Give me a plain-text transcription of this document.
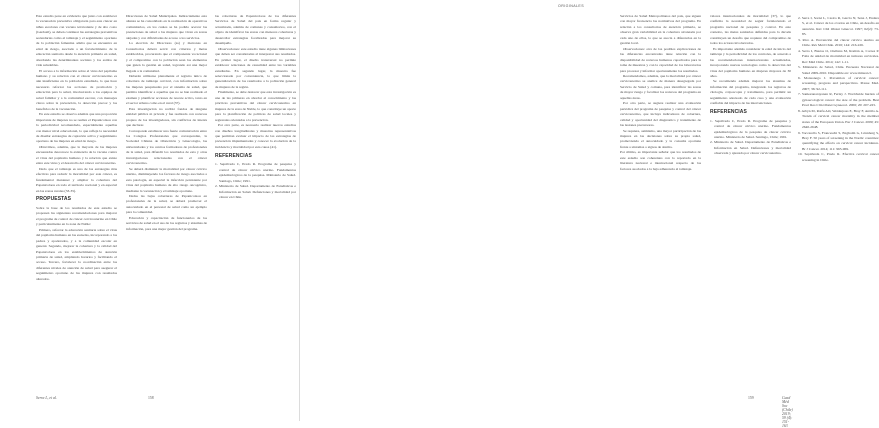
Este estudio pone en evidencia que junto con establecer la vacunación preventiva obligatoria para este cáncer en niñas escolares con vacuna tetravalente y de alto costo (Gardasil), se deben continuar las estrategias preventivas secundarias como el tamizaje y el seguimiento oportuno de la población femenina adulta que se encuentra en edad de riesgo, asociado a un fortalecimiento de la educación sanitaria desde la atención primaria en salud, abordando las determinantes sociales y los estilos de vida saludables.

El acceso a la información sobre el virus del papiloma humano y su relación con el cáncer cervicouterino es aún insuficiente en la población estudiada, lo que hace necesario reforzar las acciones de promoción y educación para la salud, involucrando a los equipos de salud familiar y a la comunidad escolar, con mensajes claros sobre la prevención, la detección precoz y los beneficios de la vacunación.

En este estudio se observa además que una proporción importante de mujeres no se realiza el Papanicolaou con la periodicidad recomendada, especialmente aquellas con menor nivel educacional, lo que refleja la necesidad de diseñar estrategias de captación activa y seguimiento oportuno de las mujeres en edad de riesgo.

Obtuvimos, además, que la mayoría de las mujeres encuestadas desconoce la existencia de la vacuna contra el virus del papiloma humano y la relación que existe entre este virus y el desarrollo del cáncer cervicouterino.

Dado que el tamizaje es una de las estrategias más efectivas para reducir la mortalidad por este cáncer, es fundamental mantener y ampliar la cobertura del Papanicolaou en todo el territorio nacional y en especial en las zonas rurales (33-35).

PROPUESTAS

Sobre la base de los resultados de este estudio se proponen las siguientes recomendaciones para mejorar el programa de control de cáncer cervicouterino en Chile y particularmente en la zona de Nuble:

Primero, reforzar la educación sanitaria sobre el virus del papiloma humano en las escuelas, incorporando a los padres y apoderados, y a la comunidad escolar en general. Segundo, mejorar la cobertura y la calidad del Papanicolaou en los establecimientos de atención primaria de salud, ampliando horarios y facilitando el acceso. Tercero, fortalecer la coordinación entre los diferentes niveles de atención de salud para asegurar el seguimiento oportuno de las mujeres con resultados alterados.

Direcciones de Salud Municipales. Indirectamente esta alianza se ha consolidado en la realización de operativos comunitarios, en los cuales se ha podido acercar las prestaciones de salud a las mujeres que viven en zonas alejadas y con dificultades de acceso a los servicios.

La elección de Directores (as) y matronas en Consultorios deberá servir con criterios y metas establecidas, procurando que el componente vocacional y el compromiso con la población sean los elementos que guíen la gestión en salud, logrando así una mejor llegada a la comunidad.

Deberán utilizarse plenamente el registro único de cobertura de tamizaje cervical, con información sobre las mujeres pesquisadas por el sistema de salud, que permita identificar a aquellas que no se han realizado el examen y planificar acciones de rescate activo, tanto en el sector urbano como en el rural (37).

Esta investigación no recibió fondos de ninguna entidad pública ni privada y fue realizada con recursos propios de los investigadores, sin conflictos de interés que declarar.

Corresponde establecer una fuerte comunicación entre los Colegios Profesionales que correspondan, la Sociedad Chilena de Obstetricia y Ginecología, las universidades y los centros formadores de profesionales de la salud, para difundir los resultados de esta y otras investigaciones relacionadas con el cáncer cervicouterino.

Se deberá disminuir la mortalidad por cáncer cérvico uterino, disminuyendo los factores de riesgo asociados a esta patología, en especial la infección persistente por virus del papiloma humano de alto riesgo oncogénico, mediante la vacunación y el tamizaje oportuno.

Dadas las bajas coberturas de Papanicolaou en profesionales de la salud, se deberá promover el autocuidado en el personal de salud como un ejemplo para la comunidad.

Educación y capacitación de funcionarios de los servicios de salud en el uso de los registros y sistemas de información, para una mejor gestión del programa.

las coberturas de Papanicolaou de los diferentes Servicios de Salud del país en forma regular y actualizada, además de comunas y consultorios, con el objeto de identificar las zonas con menores coberturas y desarrollar estrategias focalizadas para mejorar su desempeño.

Observaciones: este estudio tiene algunas limitaciones que deben ser consideradas al interpretar sus resultados. En primer lugar, el diseño transversal no permite establecer relaciones de causalidad entre las variables estudiadas. En segundo lugar, la muestra fue seleccionada por conveniencia, lo que limita la generalización de los resultados a la población general de mujeres de la región.

Finalmente, se debe destacar que esta investigación es una de las primeras en abordar el conocimiento y las prácticas preventivas del cáncer cervicouterino en mujeres de la zona de Nuble, lo que constituye un aporte para la planificación de políticas de salud locales y regionales orientadas a la prevención.

Por otra parte, es necesario realizar nuevos estudios con diseños longitudinales y muestras representativas que permitan evaluar el impacto de las estrategias de prevención implementadas y conocer la evolución de la incidencia y mortalidad por esta causa (41).

REFERENCIAS

1. Sepúlveda C, Prado R. Programa de pesquisa y control de cáncer cérvico uterino. Fundamentos epidemiológicos de la pesquisa. Ministerio de Salud. Santiago, Chile; 1991.

2. Ministerio de Salud. Departamento de Estadísticas e Información en Salud. Defunciones y mortalidad por cáncer en Chile.

Serra L, et al.	158
ORIGINALES

Servicios de Salud Metropolitanos del país, que siguen con mayor frecuencia las normativas del programa. En relación a los consultorios de atención primaria, se observa gran variabilidad en la cobertura alcanzada por cada uno de ellos, lo que se asocia a diferencias en la gestión local.

Observaciones: otra de las posibles explicaciones de las diferencias encontradas tiene relación con la disponibilidad de recursos humanos capacitados para la toma de muestras y con la capacidad de los laboratorios para procesar y informar oportunamente los resultados.

Recomendamos, además, que la mortalidad por cáncer cervicouterino se analice de manera desagregada por Servicio de Salud y comuna, para identificar las zonas de mayor riesgo y focalizar los recursos del programa en aquellas áreas.

Por otra parte, se sugiere realizar una evaluación periódica del programa de pesquisa y control del cáncer cervicouterino, que incluya indicadores de cobertura, calidad y oportunidad del diagnóstico y tratamiento de las lesiones precursoras.

Se requiere, asimismo, una mayor participación de las mujeres en las decisiones sobre su propia salud, promoviendo el autocuidado y la consulta oportuna frente a síntomas o signos de alarma.

Por último, es importante señalar que los resultados de este estudio son coherentes con lo reportado en la literatura nacional e internacional respecto de los factores asociados a la baja adherencia al tamizaje.

valores internacionales de mortalidad (37), lo que confirma la necesidad de seguir fortaleciendo el programa nacional de pesquisa y control. En este contexto, las metas sanitarias definidas para la década constituyen un desafío que requiere del compromiso de todos los actores involucrados.

Es importante además considerar la edad de inicio del tamizaje y la periodicidad de los controles, de acuerdo a las recomendaciones internacionales actualizadas, incorporando nuevas tecnologías como la detección del virus del papiloma humano en mujeres mayores de 30 años.

Se recomienda además mejorar los sistemas de información del programa, integrando los registros de citología, colposcopía y tratamiento, para permitir un seguimiento adecuado de cada caso y una evaluación confiable del impacto de las intervenciones.

REFERENCIAS

1. Sepúlveda C, Prado R. Programa de pesquisa y control de cáncer cérvico uterino. Fundamentos epidemiológicos de la pesquisa de cáncer cérvico uterino. Ministerio de Salud. Santiago, Chile; 1991.

2. Ministerio de Salud. Departamento de Estadísticas e Información en Salud. Defunciones y mortalidad observada y ajustada por cáncer cervicouterino.

2. Serra I, Sorná L, Castro R, García N, Sena J, Endara S, et al. Cáncer de los ovarios en Chile, un desafío en atención. Rev Chil Obstet Ginecol. 1997; 62(2): 73-85.

3. Rico A. Prevención del cáncer cérvico uterino en Chile. Rev Méd Chile. 2016; 144: 216-226.

4. Serra I, Bustos O, Orellana M, Román A, Correa P. Falta de unidad de mortalidad en tumores cervicales. Rev Méd Chile. 2014; 142: 1-11.

5. Ministerio de Salud, Chile. Encuesta Nacional de Salud 2009-2010. Disponible en: www.minsal.cl.

6. Monsonego J. Prevention of cervical cancer: screening, progress and perspectives. Presse Med. 2007; 36: 92-111.

7. Sankaranarayanan R, Ferlay J. Worldwide burden of gynaecological cancer: the size of the problem. Best Pract Res Clin Obstet Gynaecol. 2006; 20: 207-225.

8. Arbyn M, Raifu AO, Weiderpass E, Bray F, Anttila A. Trends of cervical cancer mortality in the member states of the European Union. Eur J Cancer. 2009; 45: 2640-2648.

9. Vaccarella S, Franceschi S, Engholm G, Lönnberg S, Bray F. 50 years of screening in the Nordic countries: quantifying the effects on cervical cancer incidence. Br J Cancer. 2014; 111: 965-969.

10. Sepúlveda C, Prado R. Efectiva cervical cancer screening in Chile.

159	Cuad Méd Soc (Chile) 2019; 59 (4): 151-163
